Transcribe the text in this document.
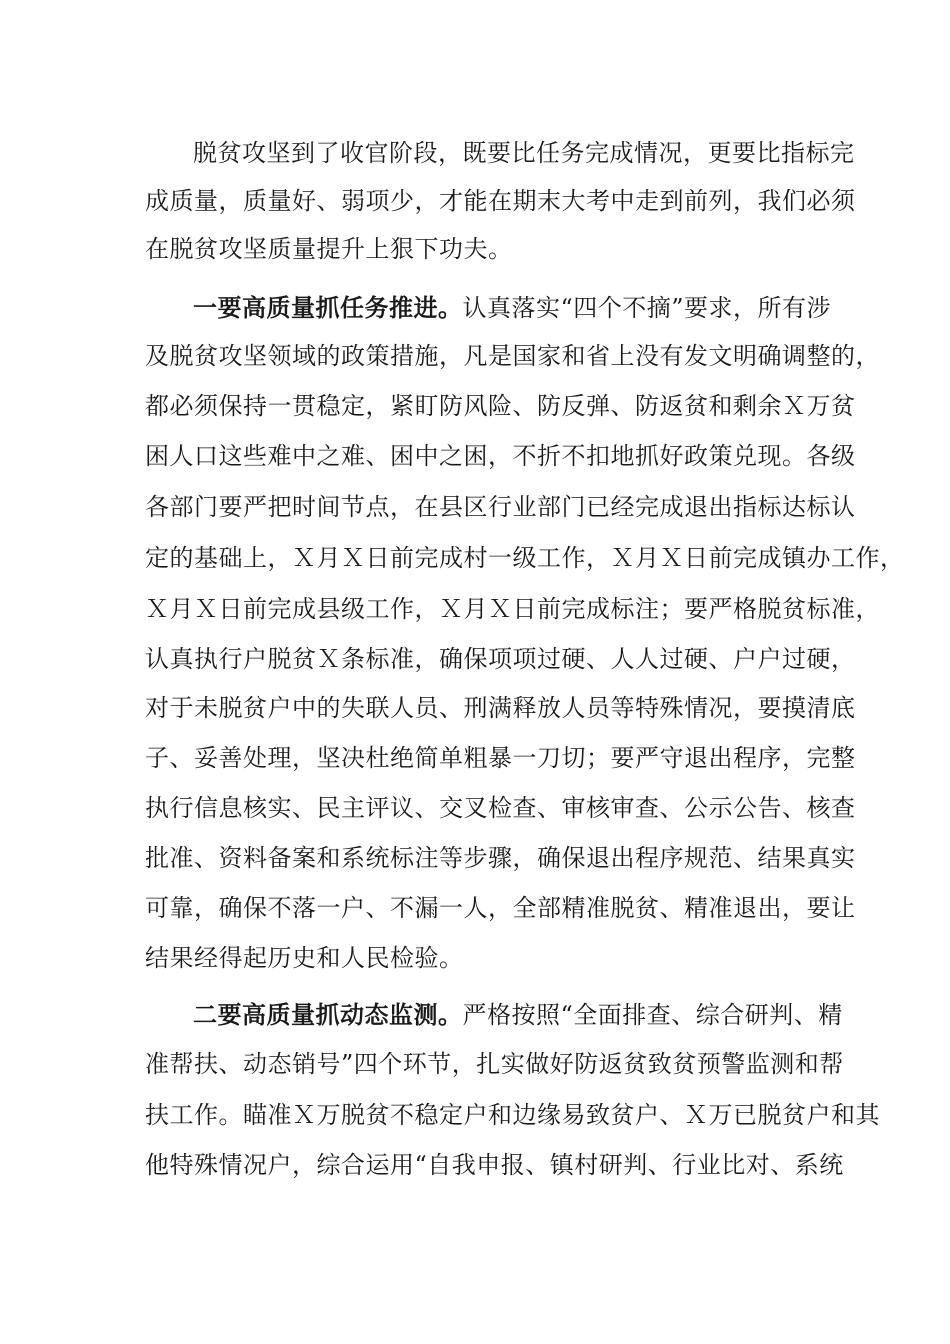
脱贫攻坚到了收官阶段，既要比任务完成情况，更要比指标完
成质量，质量好、弱项少，才能在期末大考中走到前列，我们必须
在脱贫攻坚质量提升上狠下功夫。
一要高质量抓任务推进。认真落实“四个不摘”要求，所有涉
及脱贫攻坚领域的政策措施，凡是国家和省上没有发文明确调整的，
都必须保持一贯稳定，紧盯防风险、防反弹、防返贫和剩余Ｘ万贫
困人口这些难中之难、困中之困，不折不扣地抓好政策兑现。各级
各部门要严把时间节点，在县区行业部门已经完成退出指标达标认
定的基础上，Ｘ月Ｘ日前完成村一级工作，Ｘ月Ｘ日前完成镇办工作，
Ｘ月Ｘ日前完成县级工作，Ｘ月Ｘ日前完成标注；要严格脱贫标准，
认真执行户脱贫Ｘ条标准，确保项项过硬、人人过硬、户户过硬，
对于未脱贫户中的失联人员、刑满释放人员等特殊情况，要摸清底
子、妥善处理，坚决杜绝简单粗暴一刀切；要严守退出程序，完整
执行信息核实、民主评议、交叉检查、审核审查、公示公告、核查
批准、资料备案和系统标注等步骤，确保退出程序规范、结果真实
可靠，确保不落一户、不漏一人，全部精准脱贫、精准退出，要让
结果经得起历史和人民检验。
二要高质量抓动态监测。严格按照“全面排查、综合研判、精
准帮扶、动态销号”四个环节，扎实做好防返贫致贫预警监测和帮
扶工作。瞄准Ｘ万脱贫不稳定户和边缘易致贫户、Ｘ万已脱贫户和其
他特殊情况户，综合运用“自我申报、镇村研判、行业比对、系统
